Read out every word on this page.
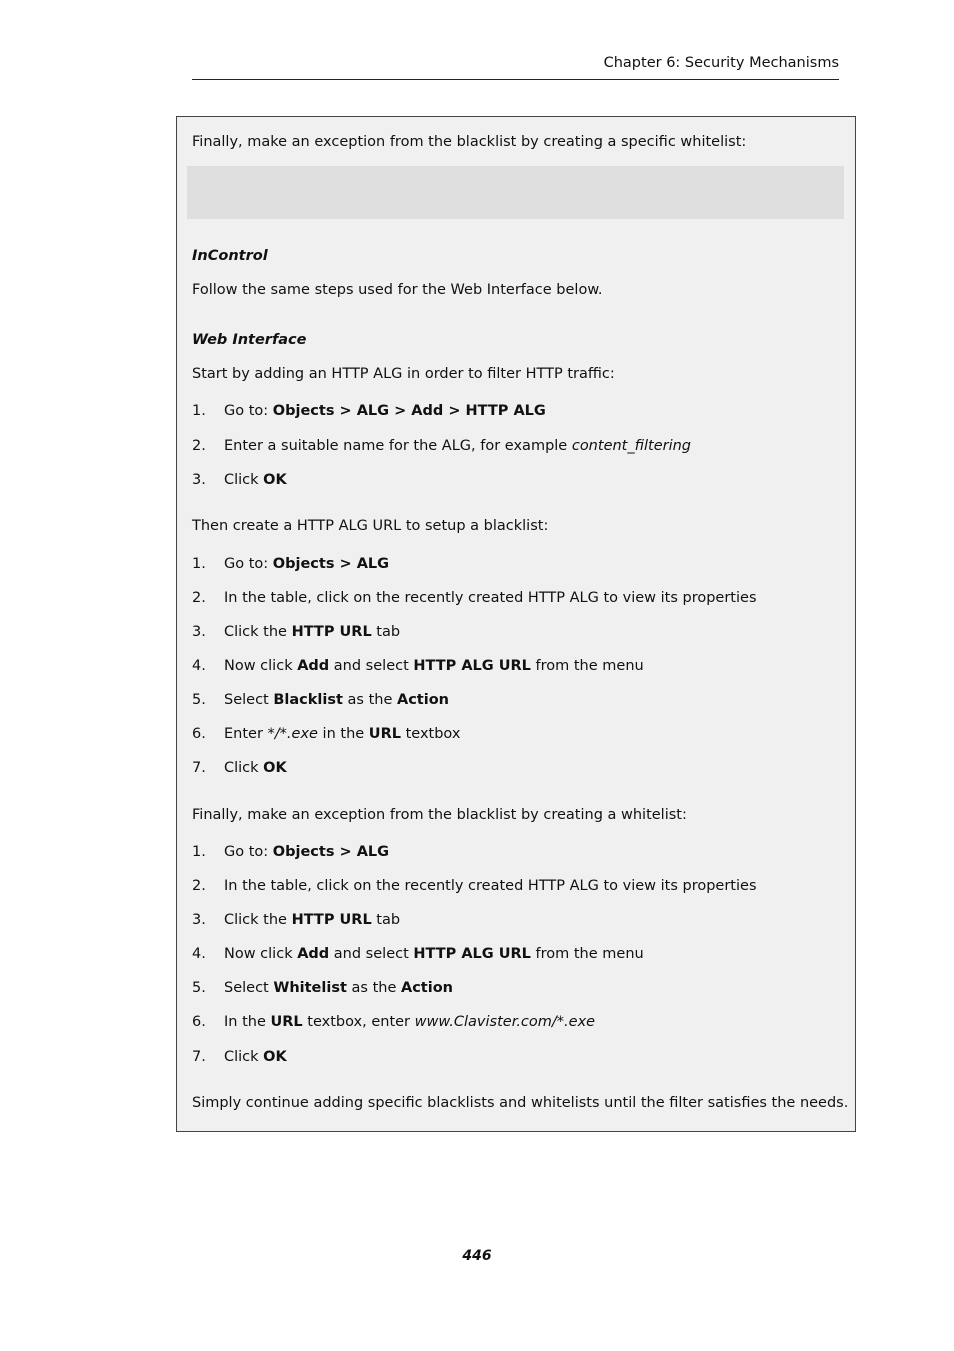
Chapter 6: Security Mechanisms
Finally, make an exception from the blacklist by creating a specific whitelist:
InControl
Follow the same steps used for the Web Interface below.
Web Interface
Start by adding an HTTP ALG in order to filter HTTP traffic:
1. Go to: Objects > ALG > Add > HTTP ALG
2. Enter a suitable name for the ALG, for example content_filtering
3. Click OK
Then create a HTTP ALG URL to setup a blacklist:
1. Go to: Objects > ALG
2. In the table, click on the recently created HTTP ALG to view its properties
3. Click the HTTP URL tab
4. Now click Add and select HTTP ALG URL from the menu
5. Select Blacklist as the Action
6. Enter */*.exe in the URL textbox
7. Click OK
Finally, make an exception from the blacklist by creating a whitelist:
1. Go to: Objects > ALG
2. In the table, click on the recently created HTTP ALG to view its properties
3. Click the HTTP URL tab
4. Now click Add and select HTTP ALG URL from the menu
5. Select Whitelist as the Action
6. In the URL textbox, enter www.Clavister.com/*.exe
7. Click OK
Simply continue adding specific blacklists and whitelists until the filter satisfies the needs.
446
